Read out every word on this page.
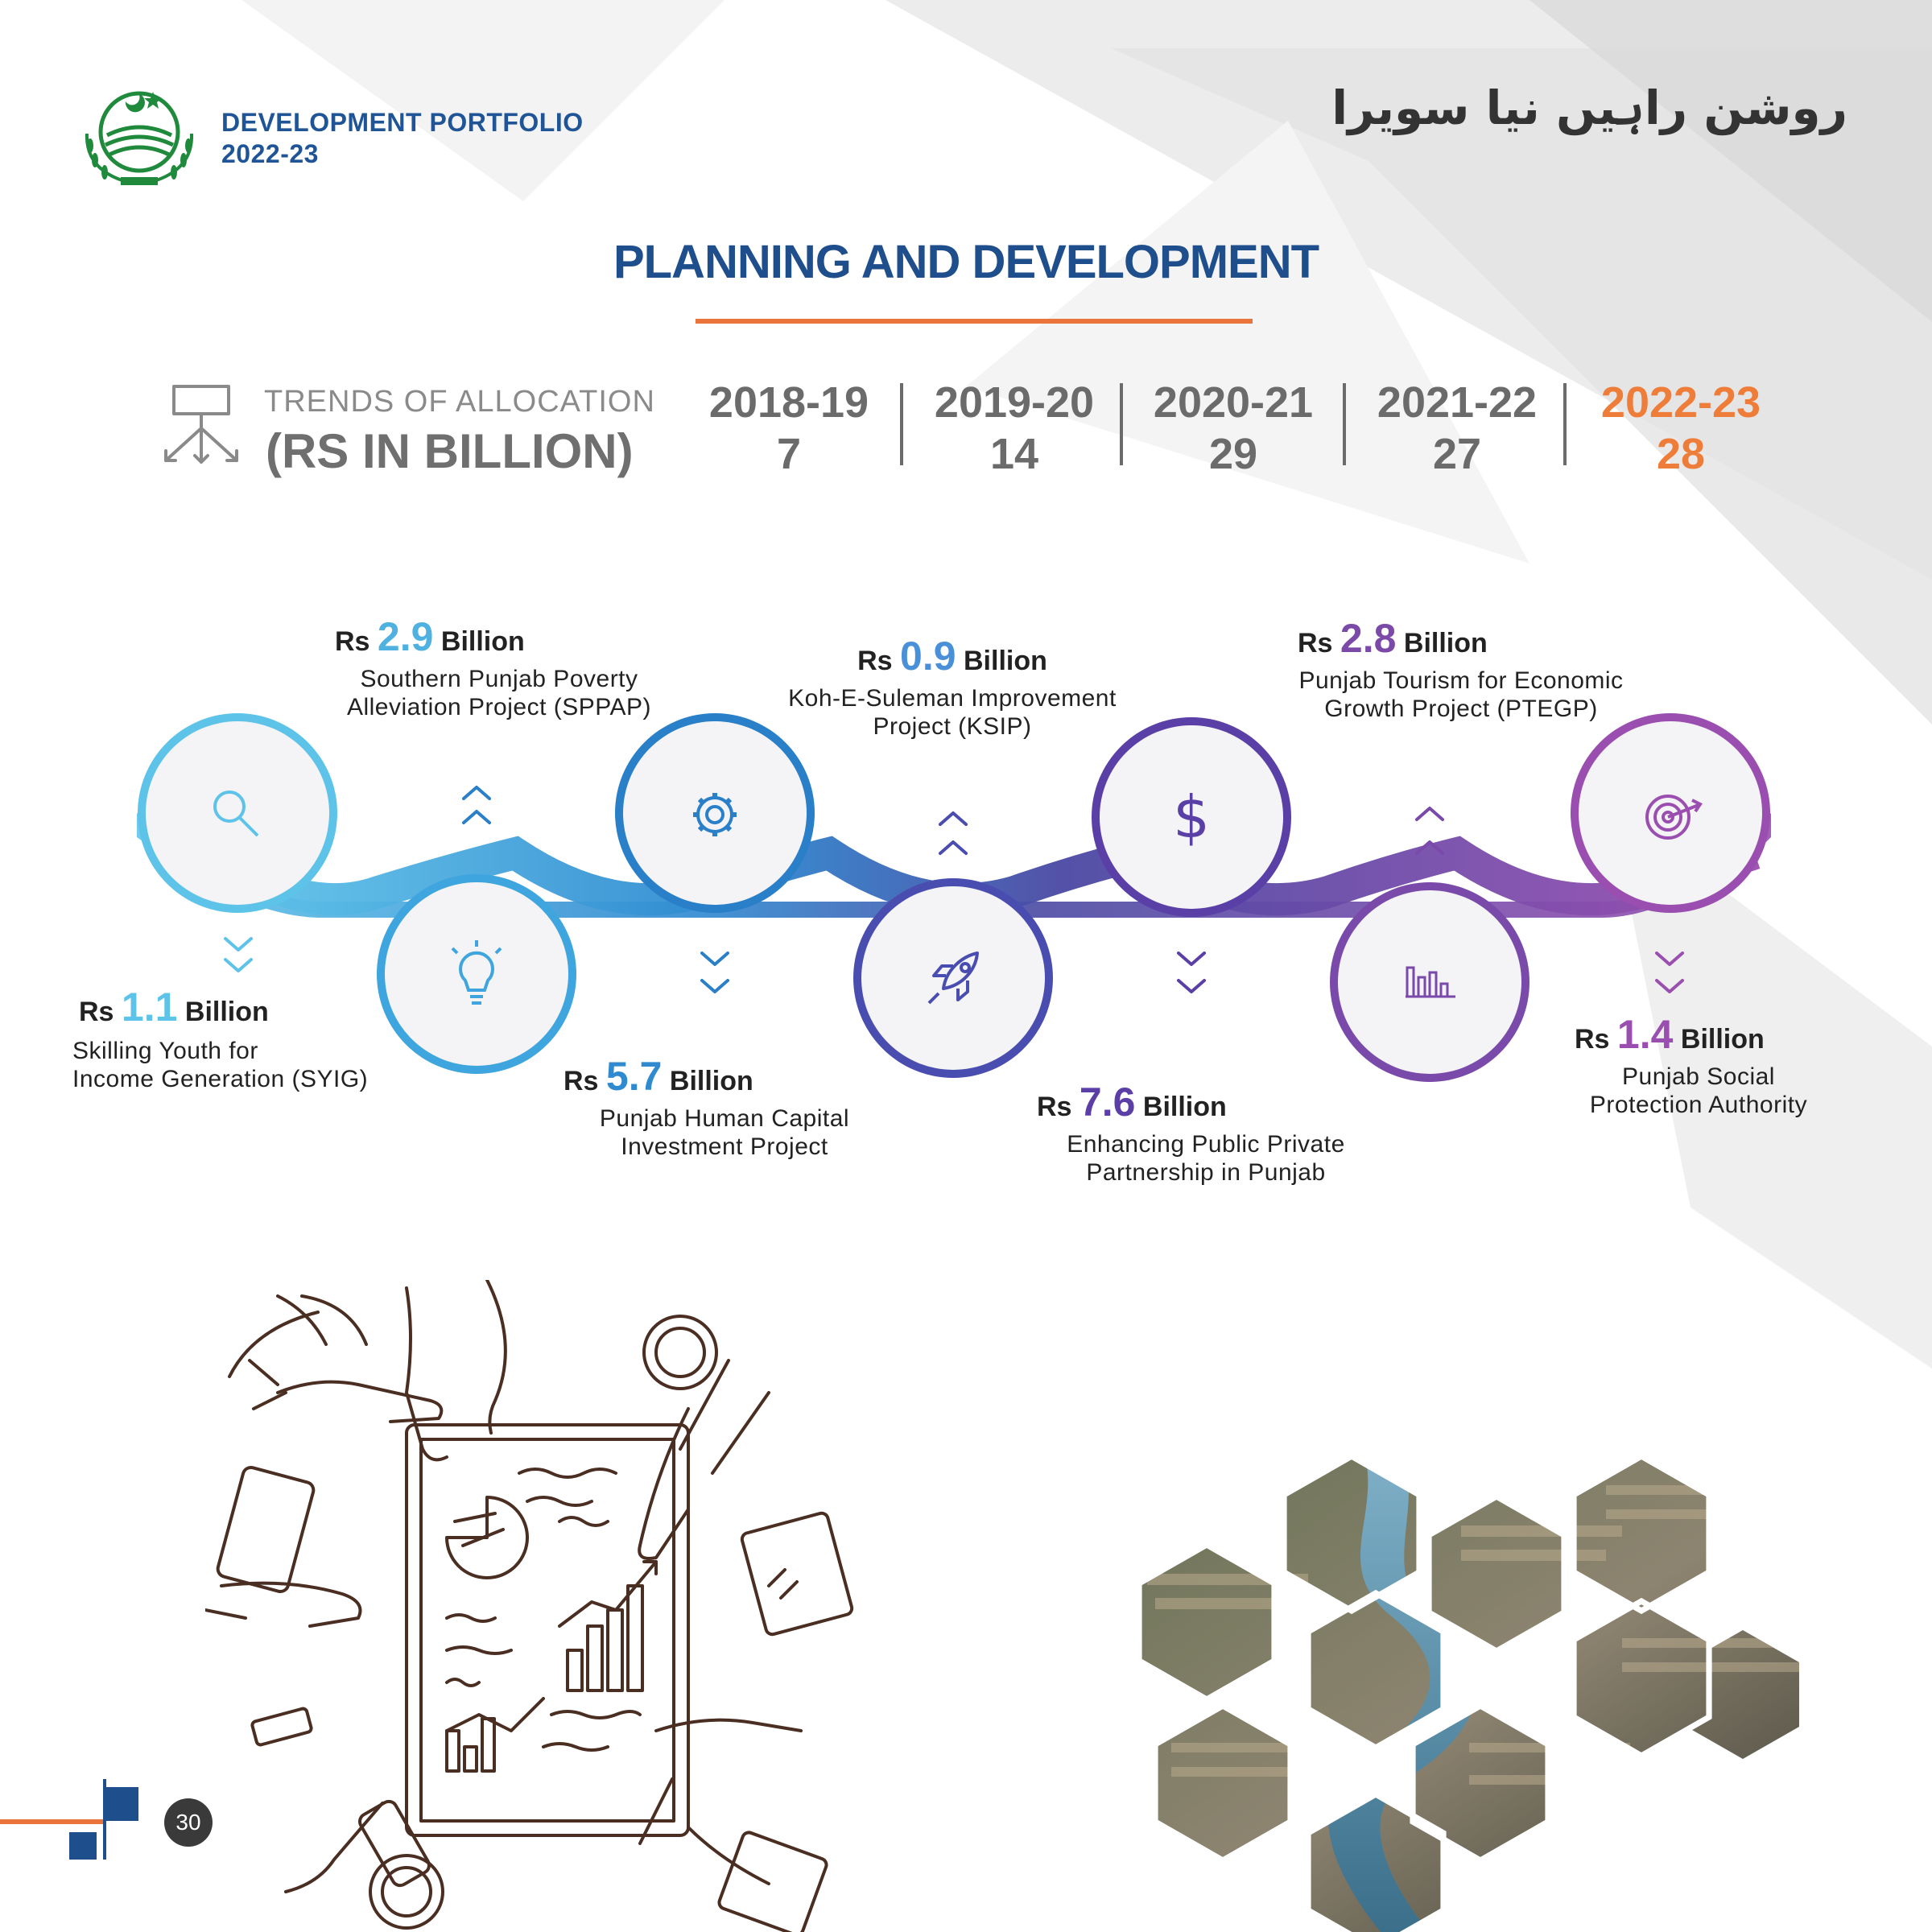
DEVELOPMENT PORTFOLIO
2022-23
روشن راہیں نیا سویرا
PLANNING AND DEVELOPMENT
TRENDS OF ALLOCATION
(RS IN BILLION)
2018-19
7
2019-20
14
2020-21
29
2021-22
27
2022-23
28
$
Rs 1.1 Billion
Skilling Youth for
Income Generation (SYIG)
Rs 2.9 Billion
Southern Punjab Poverty
Alleviation Project (SPPAP)
Rs 5.7 Billion
Punjab Human Capital
Investment Project
Rs 0.9 Billion
Koh-E-Suleman Improvement
Project (KSIP)
Rs 7.6 Billion
Enhancing Public Private
Partnership in Punjab
Rs 2.8 Billion
Punjab Tourism for Economic
Growth Project (PTEGP)
Rs 1.4 Billion
Punjab Social
Protection Authority
rs
30
